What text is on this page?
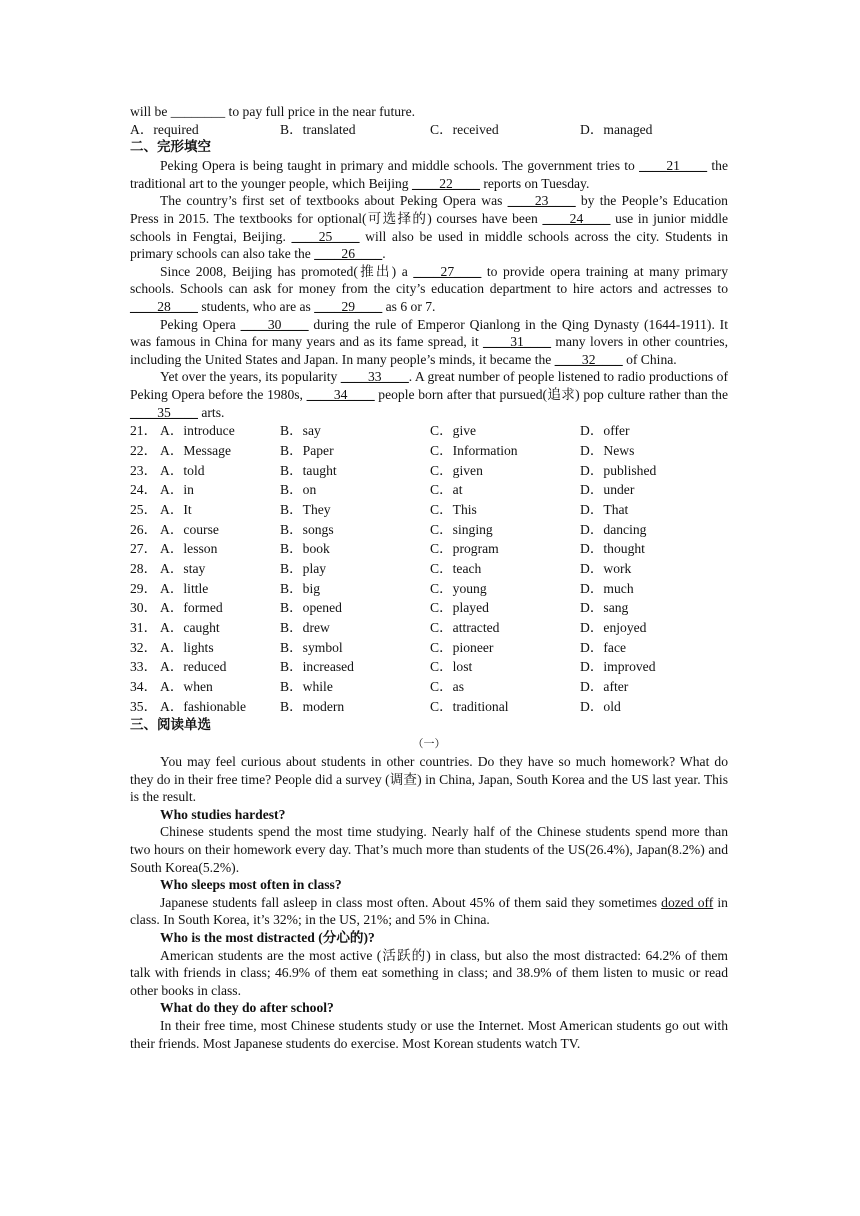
will be ________ to pay full price in the near future.
A．required	B．translated	C．received	D．managed
二、完形填空
Peking Opera is being taught in primary and middle schools. The government tries to ____21____ the traditional art to the younger people, which Beijing ____22____ reports on Tuesday.
The country’s first set of textbooks about Peking Opera was ____23____ by the People’s Education Press in 2015. The textbooks for optional(可选择的) courses have been ____24____ use in junior middle schools in Fengtai, Beijing. ____25____ will also be used in middle schools across the city. Students in primary schools can also take the ____26____.
Since 2008, Beijing has promoted(推出) a ____27____ to provide opera training at many primary schools. Schools can ask for money from the city’s education department to hire actors and actresses to ____28____ students, who are as ____29____ as 6 or 7.
Peking Opera ____30____ during the rule of Emperor Qianlong in the Qing Dynasty (1644-1911). It was famous in China for many years and as its fame spread, it ____31____ many lovers in other countries, including the United States and Japan. In many people’s minds, it became the ____32____ of China.
Yet over the years, its popularity ____33____. A great number of people listened to radio productions of Peking Opera before the 1980s, ____34____ people born after that pursued(追求) pop culture rather than the ____35____ arts.
21． A．introduce	B．say	C．give	D．offer
22． A．Message	B．Paper	C．Information	D．News
23． A．told	B．taught	C．given	D．published
24． A．in	B．on	C．at	D．under
25． A．It	B．They	C．This	D．That
26． A．course	B．songs	C．singing	D．dancing
27． A．lesson	B．book	C．program	D．thought
28． A．stay	B．play	C．teach	D．work
29． A．little	B．big	C．young	D．much
30． A．formed	B．opened	C．played	D．sang
31． A．caught	B．drew	C．attracted	D．enjoyed
32． A．lights	B．symbol	C．pioneer	D．face
33． A．reduced	B．increased	C．lost	D．improved
34． A．when	B．while	C．as	D．after
35． A．fashionable	B．modern	C．traditional	D．old
三、阅读单选
（一）
You may feel curious about students in other countries. Do they have so much homework? What do they do in their free time? People did a survey (调查) in China, Japan, South Korea and the US last year. This is the result.
Who studies hardest?
Chinese students spend the most time studying. Nearly half of the Chinese students spend more than two hours on their homework every day. That’s much more than students of the US(26.4%), Japan(8.2%) and South Korea(5.2%).
Who sleeps most often in class?
Japanese students fall asleep in class most often. About 45% of them said they sometimes dozed off in class. In South Korea, it’s 32%; in the US, 21%; and 5% in China.
Who is the most distracted (分心的)?
American students are the most active (活跃的) in class, but also the most distracted: 64.2% of them talk with friends in class; 46.9% of them eat something in class; and 38.9% of them listen to music or read other books in class.
What do they do after school?
In their free time, most Chinese students study or use the Internet. Most American students go out with their friends. Most Japanese students do exercise. Most Korean students watch TV.
